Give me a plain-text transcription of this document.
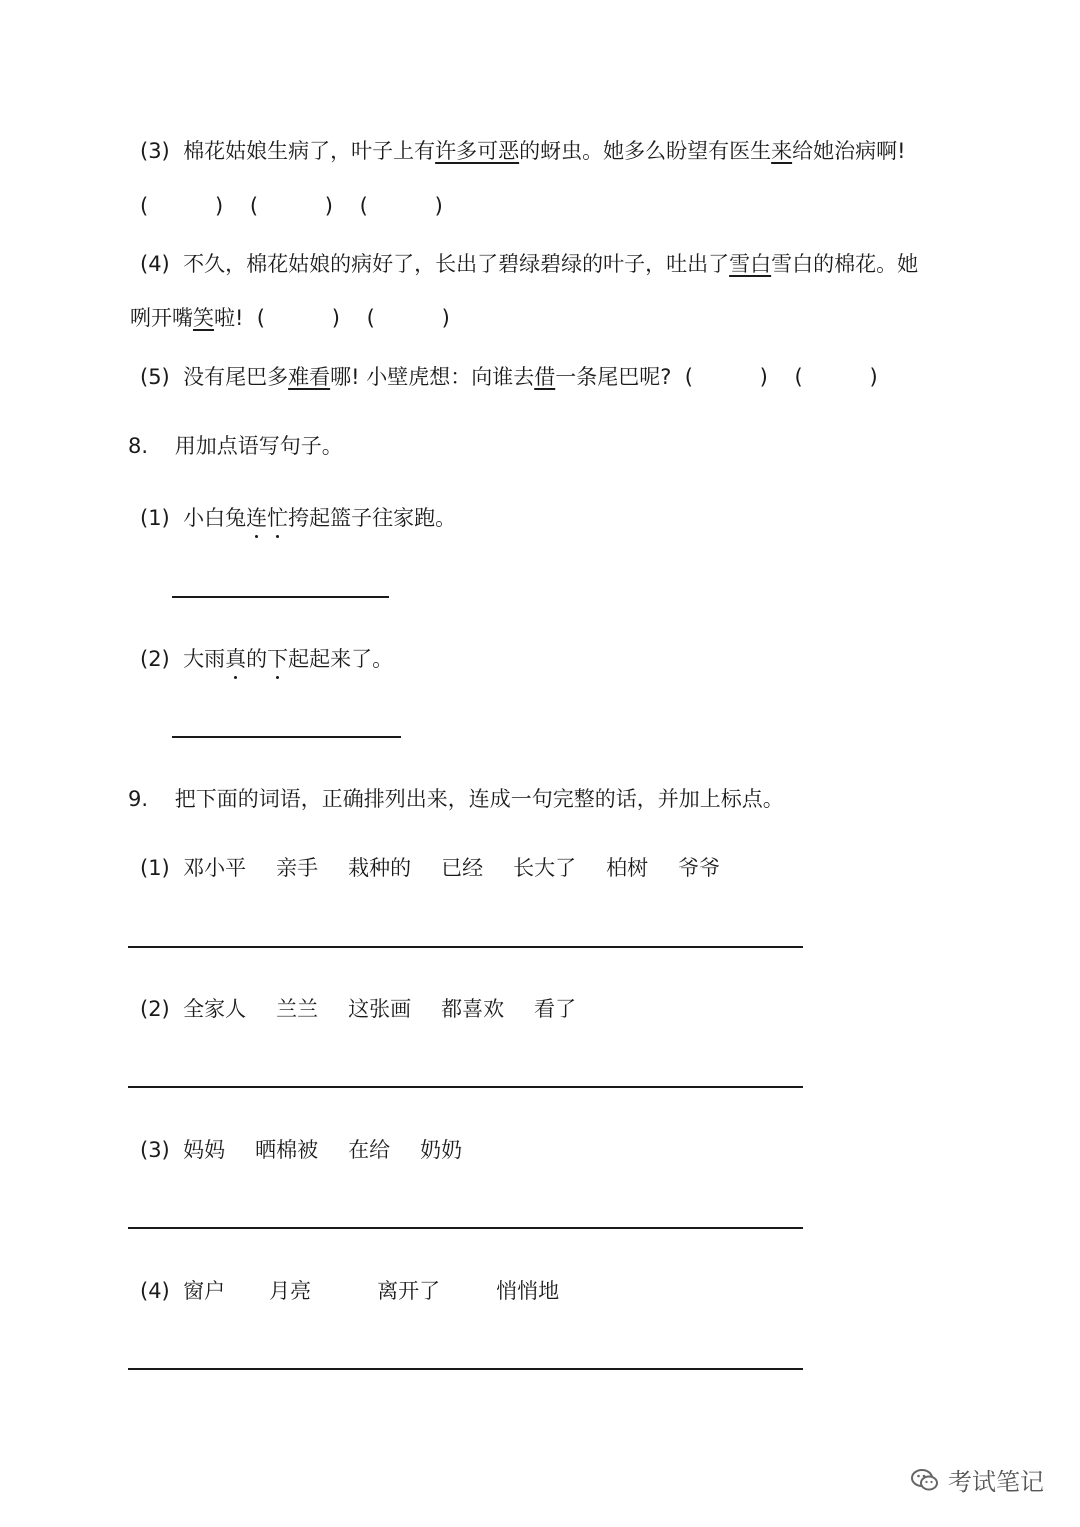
(3) 棉花姑娘生病了，叶子上有许多可恶的蚜虫。她多么盼望有医生来给她治病啊!
(          )    (          )    (          )
(4) 不久，棉花姑娘的病好了，长出了碧绿碧绿的叶子，吐出了雪白雪白的棉花。她
咧开嘴笑啦! (          )    (          )
(5) 没有尾巴多难看哪! 小壁虎想：向谁去借一条尾巴呢? (          )    (          )
8.    用加点语写句子。
(1) 小白兔连忙挎起篮子往家跑。
(2) 大雨真的下起起来了。
9.    把下面的词语，正确排列出来，连成一句完整的话，并加上标点。
(1) 邓小平 亲手 栽种的 已经 长大了 柏树 爷爷
(2) 全家人 兰兰 这张画 都喜欢 看了
(3) 妈妈 晒棉被 在给 奶奶
(4) 窗户 月亮	离开了	悄悄地
考试笔记
